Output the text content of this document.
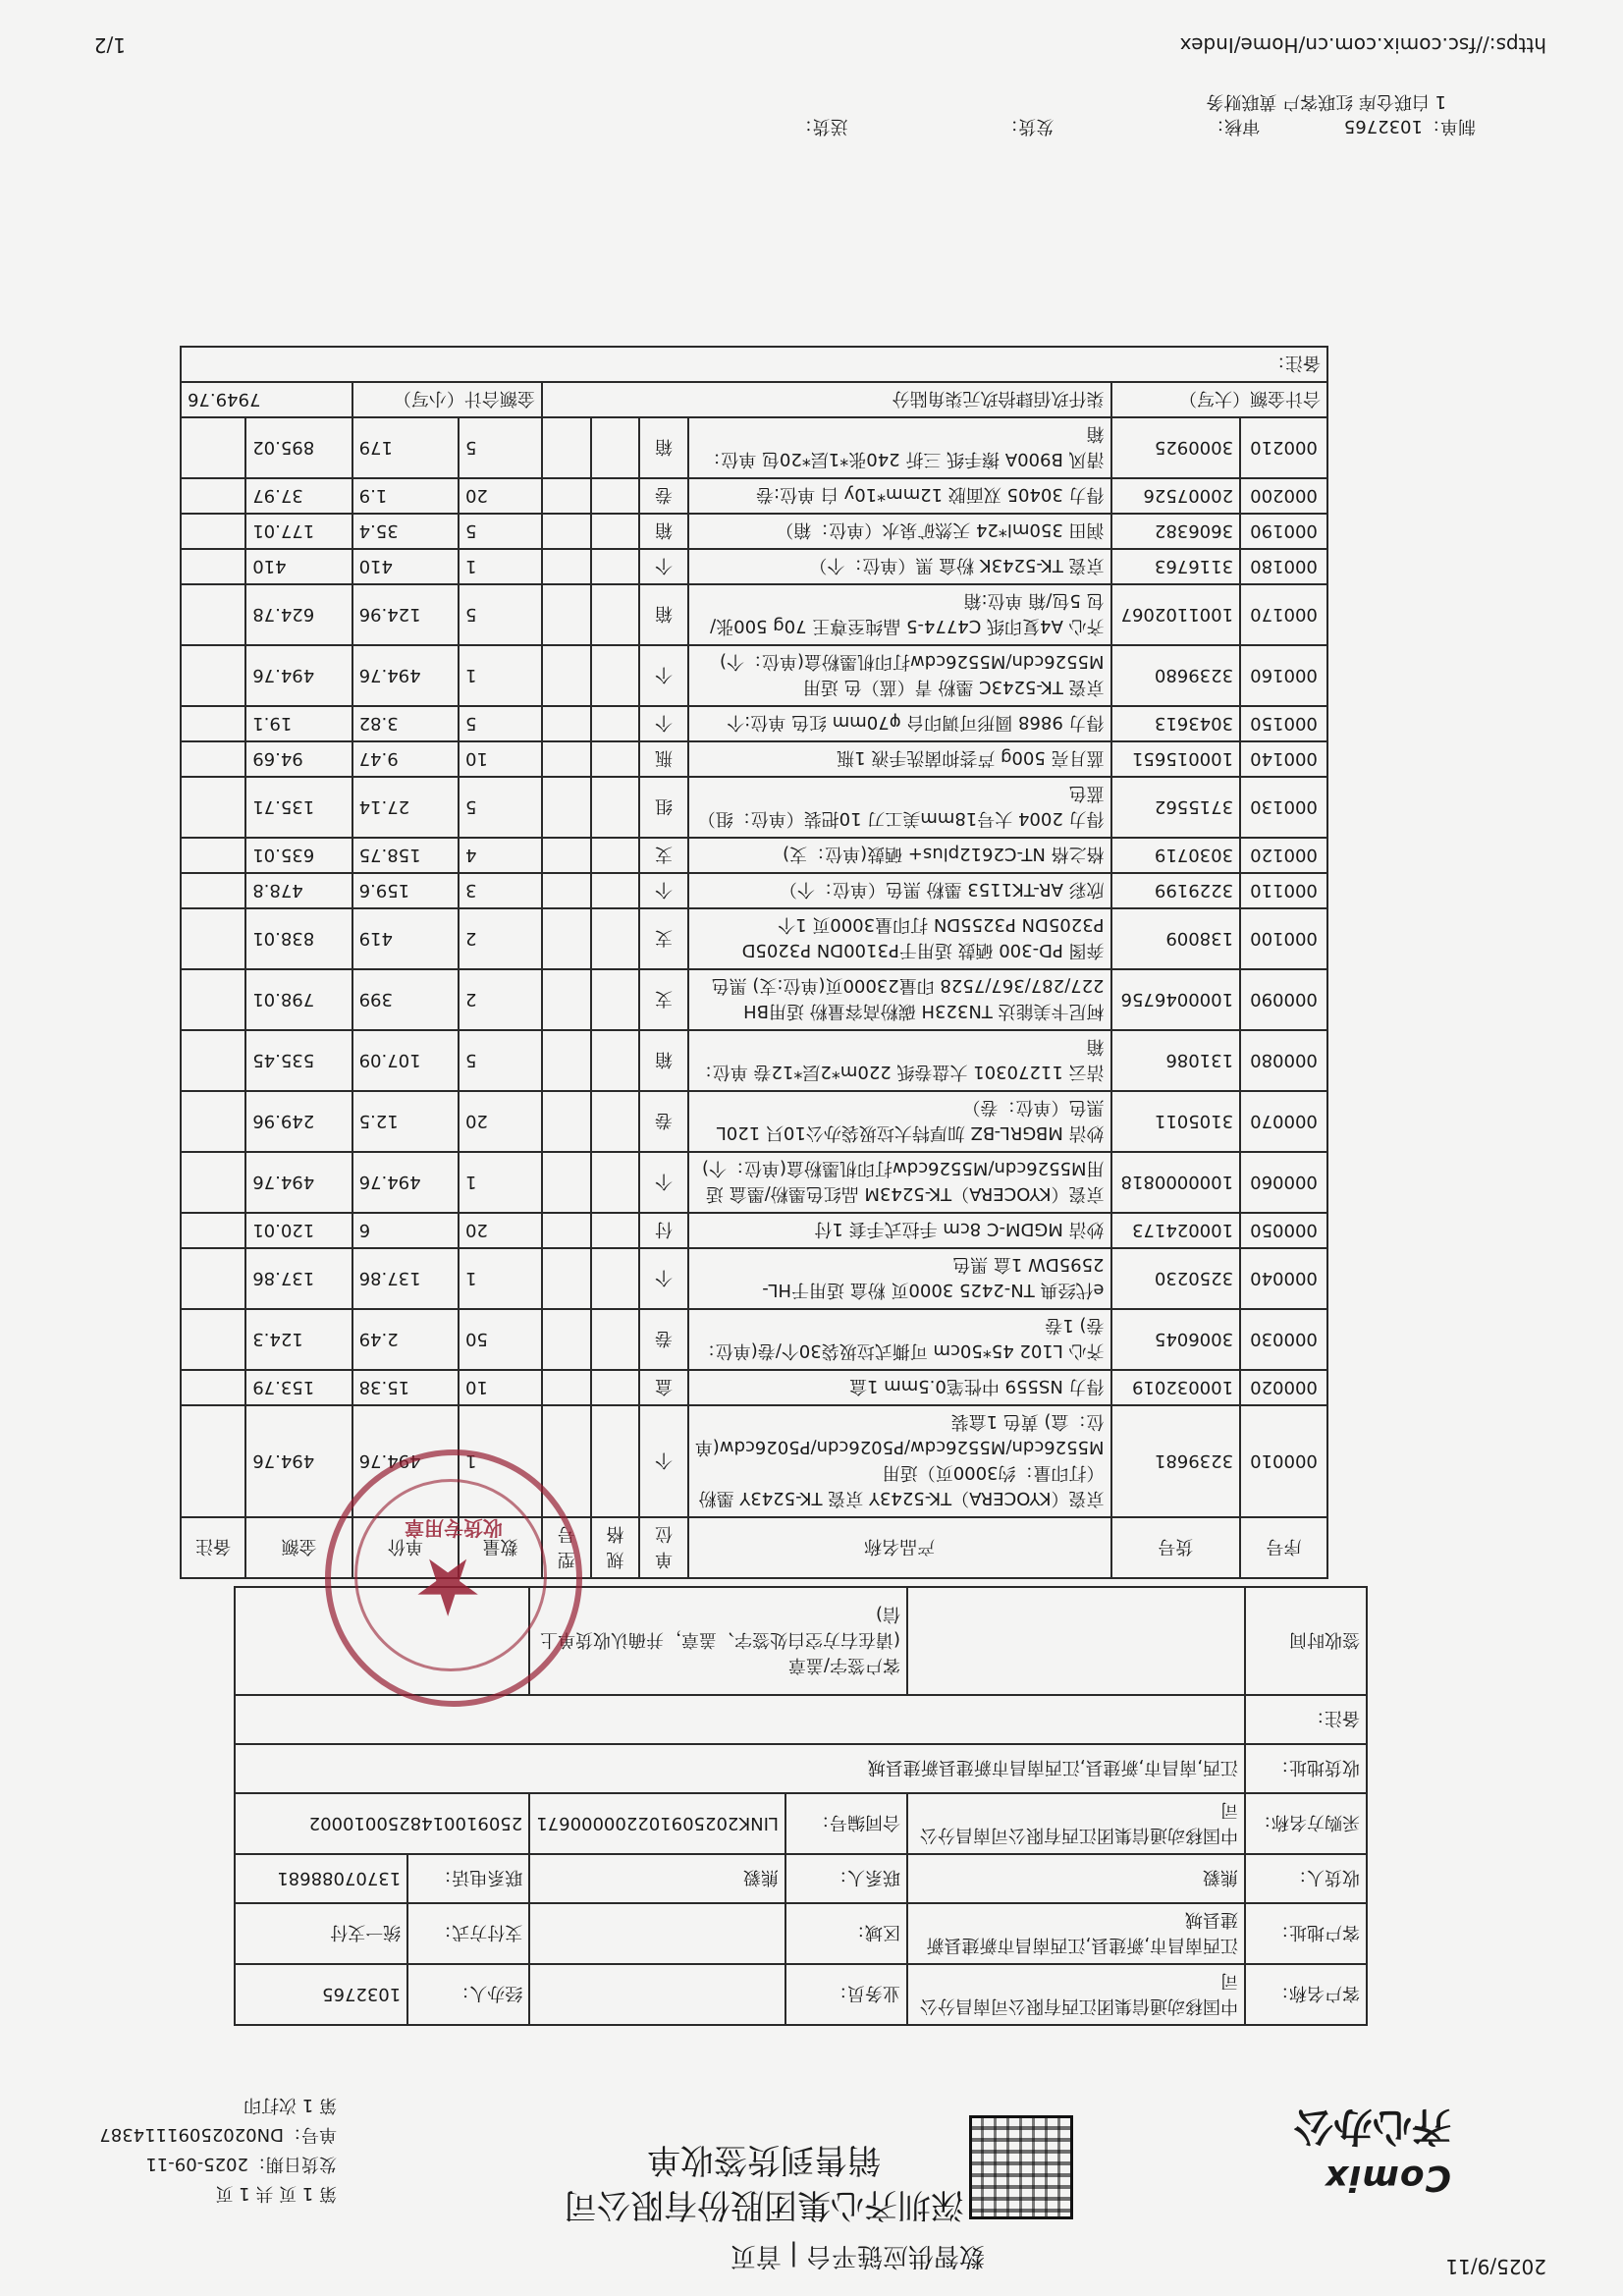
2025/9/11
数智供应链平台 | 首页
Comix
齐心办公
深圳齐心集团股份有限公司
销售到货签收单
第 1 页 共 1 页
发货日期：2025-09-11
单号：DN02025091114387
第 1 次打印
客户名称：	中国移动通信集团江西有限公司南昌分公司	业务员：		经办人：	1032765
客户地址：	江西南昌市,新建县,江西南昌市新建县新建县城	区域：		支付方式：	统一支付
收货人：	熊毅	联系人：	熊毅	联系电话：	13707088681
采购方名称：	中国移动通信集团江西有限公司南昌分公司	合同编号：	LINK202509102200000671	2509100148250010002	
收货地址：	江西,南昌市,新建县,江西南昌市新建县新建县城				
备注：					
签收时间		客户签字/盖章
(请在右方空白处签字、盖章，并确认收货单上信)			

序号	货号	产品名称	单位	规格	型号	数量	单价	金额	备注
000010	3239681	京瓷（KYOCERA）TK-5243Y 京瓷 TK-5243Y 墨粉（打印量：约3000页）适用M5526cdn/M5526cdw/P5026cdn/P5026cdw(单位：盒) 黄色 1盒装	个			1	494.76	494.76	
000020	100032019	得力 NS559 中性笔0.5mm 1盒	盒			10	15.38	153.79	
000030	3006045	齐心 L102 45*50cm 可撕式垃圾袋30个/卷(单位：卷) 1卷	卷			50	2.49	124.3	
000040	3250230	e代经典 TN-2425 3000页 粉盒 适用于HL-2595DW 1盒 黑色	个			1	137.86	137.86	
000050	100024173	妙洁 MGDM-C 8cm 手拉式手套 1付	付			20	6	120.01	
000060	1000000818	京瓷（KYOCERA）TK-5243M 品红色墨粉/墨盒 适用M5526cdn/M5526cdw打印机墨粉盒(单位：个)	个			1	494.76	494.76	
000070	3105011	妙洁 MBGRL-BZ 加厚特大垃圾袋办公10只 120L 黑色（单位：卷）	卷			20	12.5	249.96	
000080	131086	洁云 11270301 大盘卷纸 220m*2层*12卷 单位：箱	箱			5	107.09	535.45	
000090	1000046756	柯尼卡美能达 TN323H 碳粉高容量粉 适用BH 227/287/367/7528 印量23000页(单位:支) 黑色	支			2	399	798.01	
000100	138009	奔图 PD-300 硒鼓 适用于P3100DN P3205D P3205DN P3255DN 打印量3000页 1个	支			2	419	838.01	
000110	3229199	欣彩 AR-TK1153 墨粉 黑色（单位：个）	个			3	159.6	478.8	
000120	3030719	格之格 NT-C2612plus+ 硒鼓(单位：支)	支			4	158.75	635.01	
000130	3715562	得力 2004 大号18mm美工刀 10把装（单位：组）蓝色	组			5	27.14	135.71	
000140	100015651	蓝月亮 500g 芦荟抑菌洗手液 1瓶	瓶			10	9.47	94.69	
000150	3043613	得力 9868 圆形可调印台 φ70mm 红色 单位:个	个			5	3.82	19.1	
000160	3239680	京瓷 TK-5243C 墨粉 青（蓝）色 适用M5526cdn/M5526cdw打印机墨粉盒(单位：个)	个			1	494.76	494.76	
000170	1001102067	齐心 A4复印纸 C4774-5 晶纯至尊王 70g 500张/包 5包/箱 单位:箱	箱			5	124.96	624.78	
000180	3116763	京瓷 TK-5243K 粉盒 黑（单位：个）	个			1	410	410	
000190	3606382	润田 350ml*24 天然矿泉水（单位：箱）	箱			5	35.4	177.01	
000200	20007526	得力 30405 双面胶 12mm*10y 白 单位:卷	卷			20	1.9	37.97	
000210	3000925	清风 B900A 擦手纸 三折 240张*1层*20包 单位：箱	箱			5	179	895.02	
合计金额（大写）		柒仟玖佰肆拾玖元柒角陆分				金额合计（小写）		7949.76	
备注：									
★
收货专用章
制单：1032765 审核： 发货： 送货：
1 白联仓库 红联客户 黄联财务
https://fsc.comix.com.cn/Home/Index
1/2
